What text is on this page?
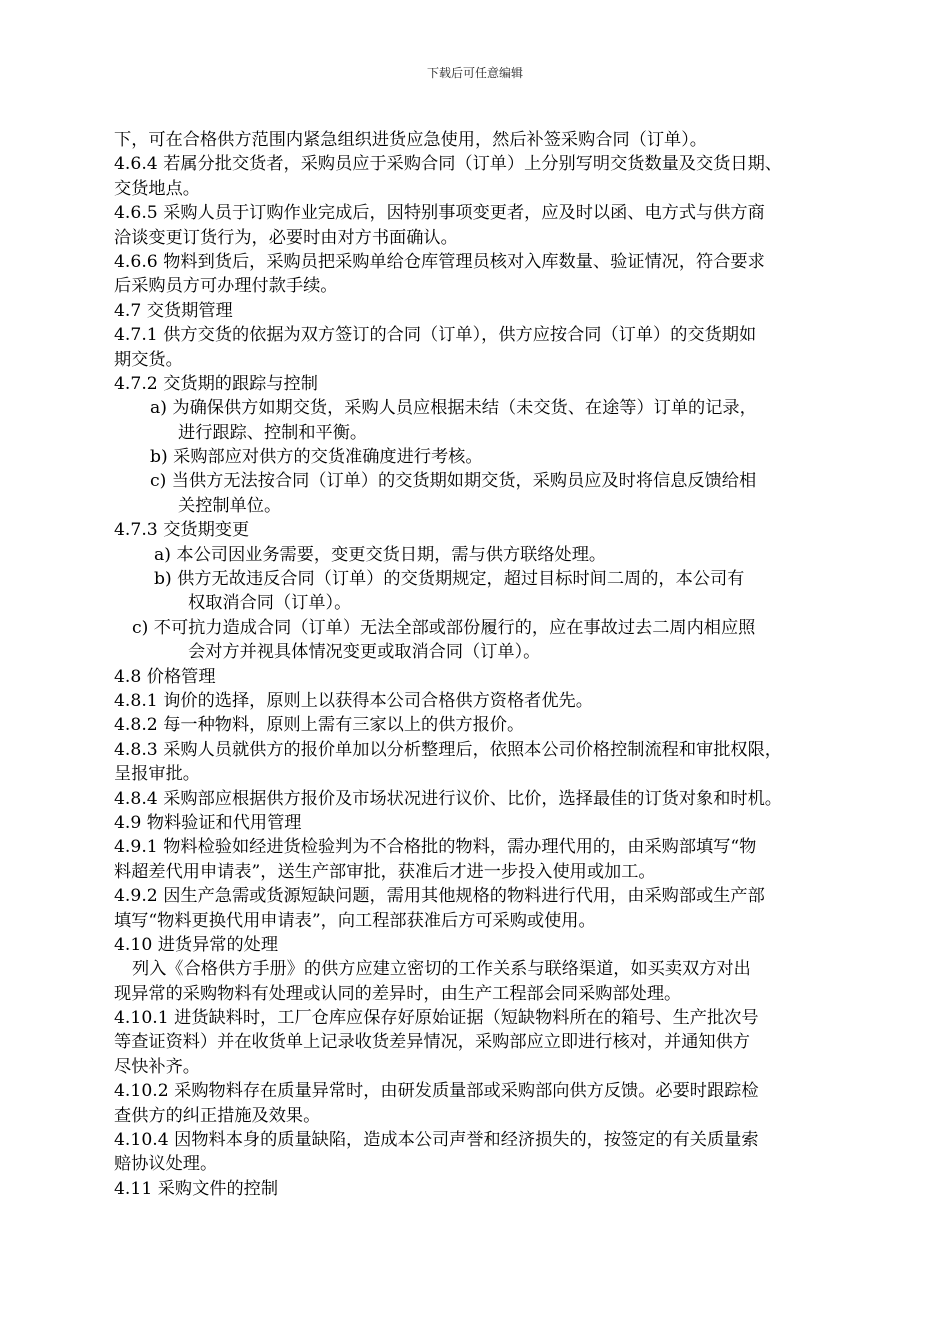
下载后可任意编辑
下，可在合格供方范围内紧急组织进货应急使用，然后补签采购合同（订单）。
4.6.4 若属分批交货者，采购员应于采购合同（订单）上分别写明交货数量及交货日期、
交货地点。
4.6.5 采购人员于订购作业完成后，因特别事项变更者，应及时以函、电方式与供方商
洽谈变更订货行为，必要时由对方书面确认。
4.6.6 物料到货后，采购员把采购单给仓库管理员核对入库数量、验证情况，符合要求
后采购员方可办理付款手续。
4.7 交货期管理
4.7.1 供方交货的依据为双方签订的合同（订单），供方应按合同（订单）的交货期如
期交货。
4.7.2 交货期的跟踪与控制
a) 为确保供方如期交货，采购人员应根据未结（未交货、在途等）订单的记录，
进行跟踪、控制和平衡。
b) 采购部应对供方的交货准确度进行考核。
c) 当供方无法按合同（订单）的交货期如期交货，采购员应及时将信息反馈给相
关控制单位。
4.7.3 交货期变更
a) 本公司因业务需要，变更交货日期，需与供方联络处理。
b) 供方无故违反合同（订单）的交货期规定，超过目标时间二周的，本公司有
权取消合同（订单）。
c) 不可抗力造成合同（订单）无法全部或部份履行的，应在事故过去二周内相应照
会对方并视具体情况变更或取消合同（订单）。
4.8 价格管理
4.8.1 询价的选择，原则上以获得本公司合格供方资格者优先。
4.8.2 每一种物料，原则上需有三家以上的供方报价。
4.8.3 采购人员就供方的报价单加以分析整理后，依照本公司价格控制流程和审批权限，
呈报审批。
4.8.4 采购部应根据供方报价及市场状况进行议价、比价，选择最佳的订货对象和时机。
4.9 物料验证和代用管理
4.9.1 物料检验如经进货检验判为不合格批的物料，需办理代用的，由采购部填写“物
料超差代用申请表”，送生产部审批，获准后才进一步投入使用或加工。
4.9.2 因生产急需或货源短缺问题，需用其他规格的物料进行代用，由采购部或生产部
填写“物料更换代用申请表”，向工程部获准后方可采购或使用。
4.10 进货异常的处理
列入《合格供方手册》的供方应建立密切的工作关系与联络渠道，如买卖双方对出
现异常的采购物料有处理或认同的差异时，由生产工程部会同采购部处理。
4.10.1 进货缺料时，工厂仓库应保存好原始证据（短缺物料所在的箱号、生产批次号
等查证资料）并在收货单上记录收货差异情况，采购部应立即进行核对，并通知供方
尽快补齐。
4.10.2 采购物料存在质量异常时，由研发质量部或采购部向供方反馈。必要时跟踪检
查供方的纠正措施及效果。
4.10.4 因物料本身的质量缺陷，造成本公司声誉和经济损失的，按签定的有关质量索
赔协议处理。
4.11 采购文件的控制
